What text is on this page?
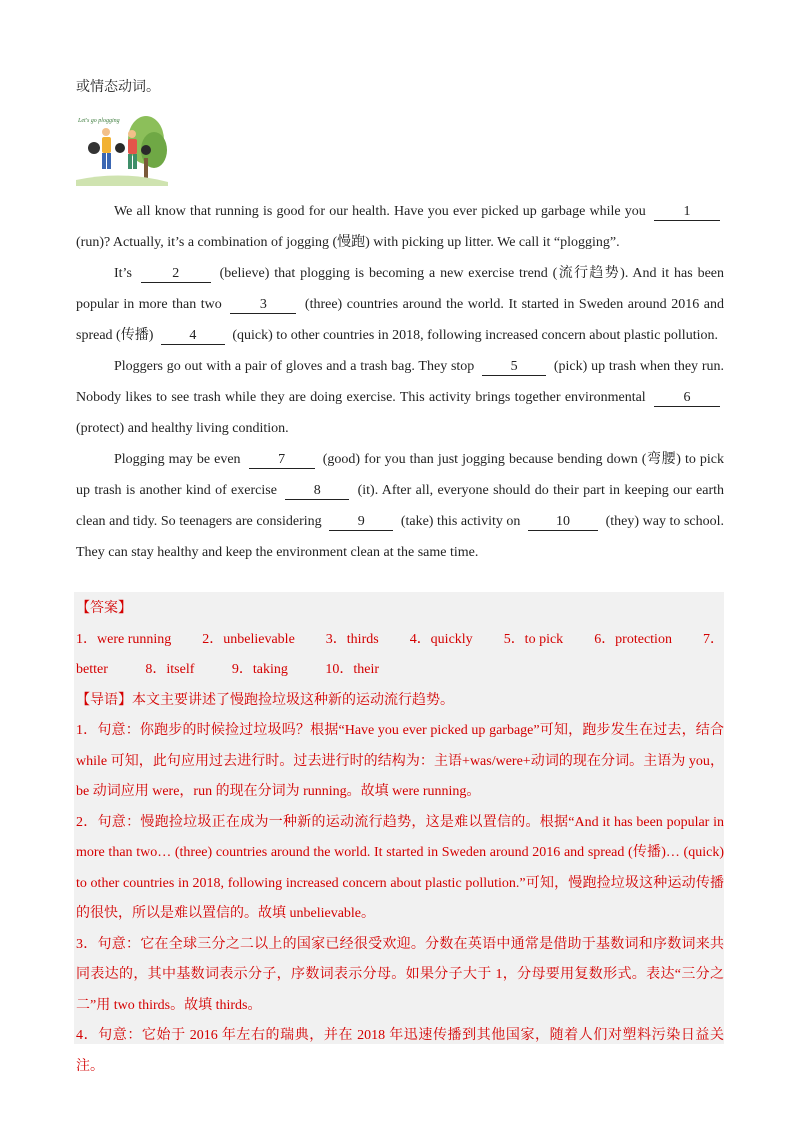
或情态动词。
Let's go plogging

We all know that running is good for our health. Have you ever picked up garbage while you	1 (run)? Actually, it’s a combination of jogging (慢跑) with picking up litter. We call it “plogging”.

It’s	2	(believe) that plogging is becoming a new exercise trend (流行趋势). And it has been popular in more than two	3	(three) countries around the world. It started in Sweden around 2016 and spread (传播)	4	(quick) to other countries in 2018, following increased concern about plastic pollution.

Ploggers go out with a pair of gloves and a trash bag. They stop	5	(pick) up trash when they run. Nobody likes to see trash while they are doing exercise. This activity brings together environmental	6 (protect) and healthy living condition.

Plogging may be even	7	(good) for you than just jogging because bending down (弯腰) to pick up trash is another kind of exercise	8	(it). After all, everyone should do their part in keeping our earth clean and tidy. So teenagers are considering	9	(take) this activity on	10	(they) way to school. They can stay healthy and keep the environment clean at the same time.

【答案】

1．were running 2．unbelievable 3．thirds 4．quickly 5．to pick 6．protection 7．
better	8．itself	9．taking	10．their

【导语】本文主要讲述了慢跑捡垃圾这种新的运动流行趋势。

1．句意：你跑步的时候捡过垃圾吗？根据“Have you ever picked up garbage”可知，跑步发生在过去，结合 while 可知，此句应用过去进行时。过去进行时的结构为：主语+was/were+动词的现在分词。主语为 you，be 动词应用 were，run 的现在分词为 running。故填 were running。

2．句意：慢跑捡垃圾正在成为一种新的运动流行趋势，这是难以置信的。根据“And it has been popular in more than two… (three) countries around the world. It started in Sweden around 2016 and spread (传播)… (quick) to other countries in 2018, following increased concern about plastic pollution.”可知，慢跑捡垃圾这种运动传播的很快，所以是难以置信的。故填 unbelievable。

3．句意：它在全球三分之二以上的国家已经很受欢迎。分数在英语中通常是借助于基数词和序数词来共同表达的，其中基数词表示分子，序数词表示分母。如果分子大于 1，分母要用复数形式。表达“三分之二”用 two thirds。故填 thirds。

4．句意：它始于 2016 年左右的瑞典，并在 2018 年迅速传播到其他国家，随着人们对塑料污染日益关注。
